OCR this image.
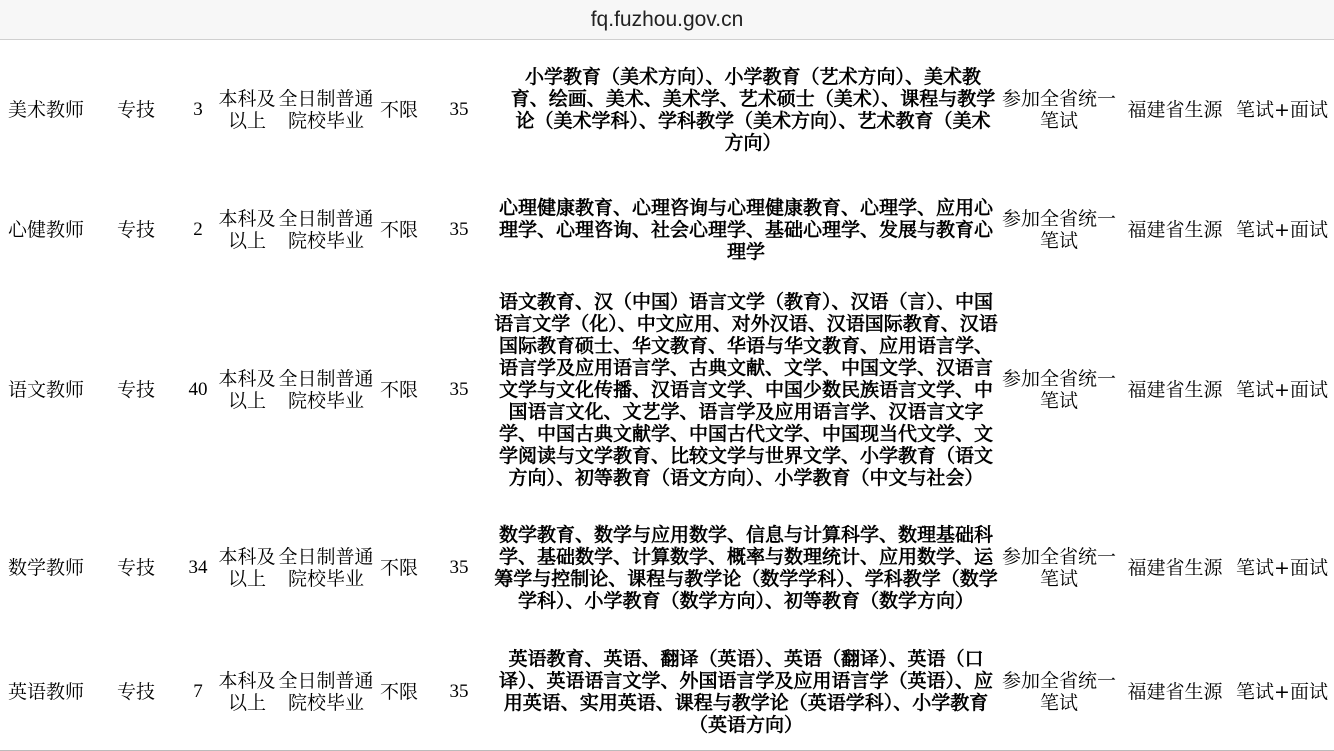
fq.fuzhou.gov.cn
美术教师	专技	3	本科及以上	全日制普通院校毕业	不限	35	小学教育（美术方向）、小学教育（艺术方向）、美术教育、绘画、美术、美术学、艺术硕士（美术）、课程与教学论（美术学科）、学科教学（美术方向）、艺术教育（美术方向）	参加全省统一笔试	福建省生源	笔试+面试
心健教师	专技	2	本科及以上	全日制普通院校毕业	不限	35	心理健康教育、心理咨询与心理健康教育、心理学、应用心理学、心理咨询、社会心理学、基础心理学、发展与教育心理学	参加全省统一笔试	福建省生源	笔试+面试
语文教师	专技	40	本科及以上	全日制普通院校毕业	不限	35	语文教育、汉（中国）语言文学（教育）、汉语（言）、中国语言文学（化）、中文应用、对外汉语、汉语国际教育、汉语国际教育硕士、华文教育、华语与华文教育、应用语言学、语言学及应用语言学、古典文献、文学、中国文学、汉语言文学与文化传播、汉语言文学、中国少数民族语言文学、中国语言文化、文艺学、语言学及应用语言学、汉语言文字学、中国古典文献学、中国古代文学、中国现当代文学、文学阅读与文学教育、比较文学与世界文学、小学教育（语文方向）、初等教育（语文方向）、小学教育（中文与社会）	参加全省统一笔试	福建省生源	笔试+面试
数学教师	专技	34	本科及以上	全日制普通院校毕业	不限	35	数学教育、数学与应用数学、信息与计算科学、数理基础科学、基础数学、计算数学、概率与数理统计、应用数学、运筹学与控制论、课程与教学论（数学学科）、学科教学（数学学科）、小学教育（数学方向）、初等教育（数学方向）	参加全省统一笔试	福建省生源	笔试+面试
英语教师	专技	7	本科及以上	全日制普通院校毕业	不限	35	英语教育、英语、翻译（英语）、英语（翻译）、英语（口译）、英语语言文学、外国语言学及应用语言学（英语）、应用英语、实用英语、课程与教学论（英语学科）、小学教育（英语方向）	参加全省统一笔试	福建省生源	笔试+面试
